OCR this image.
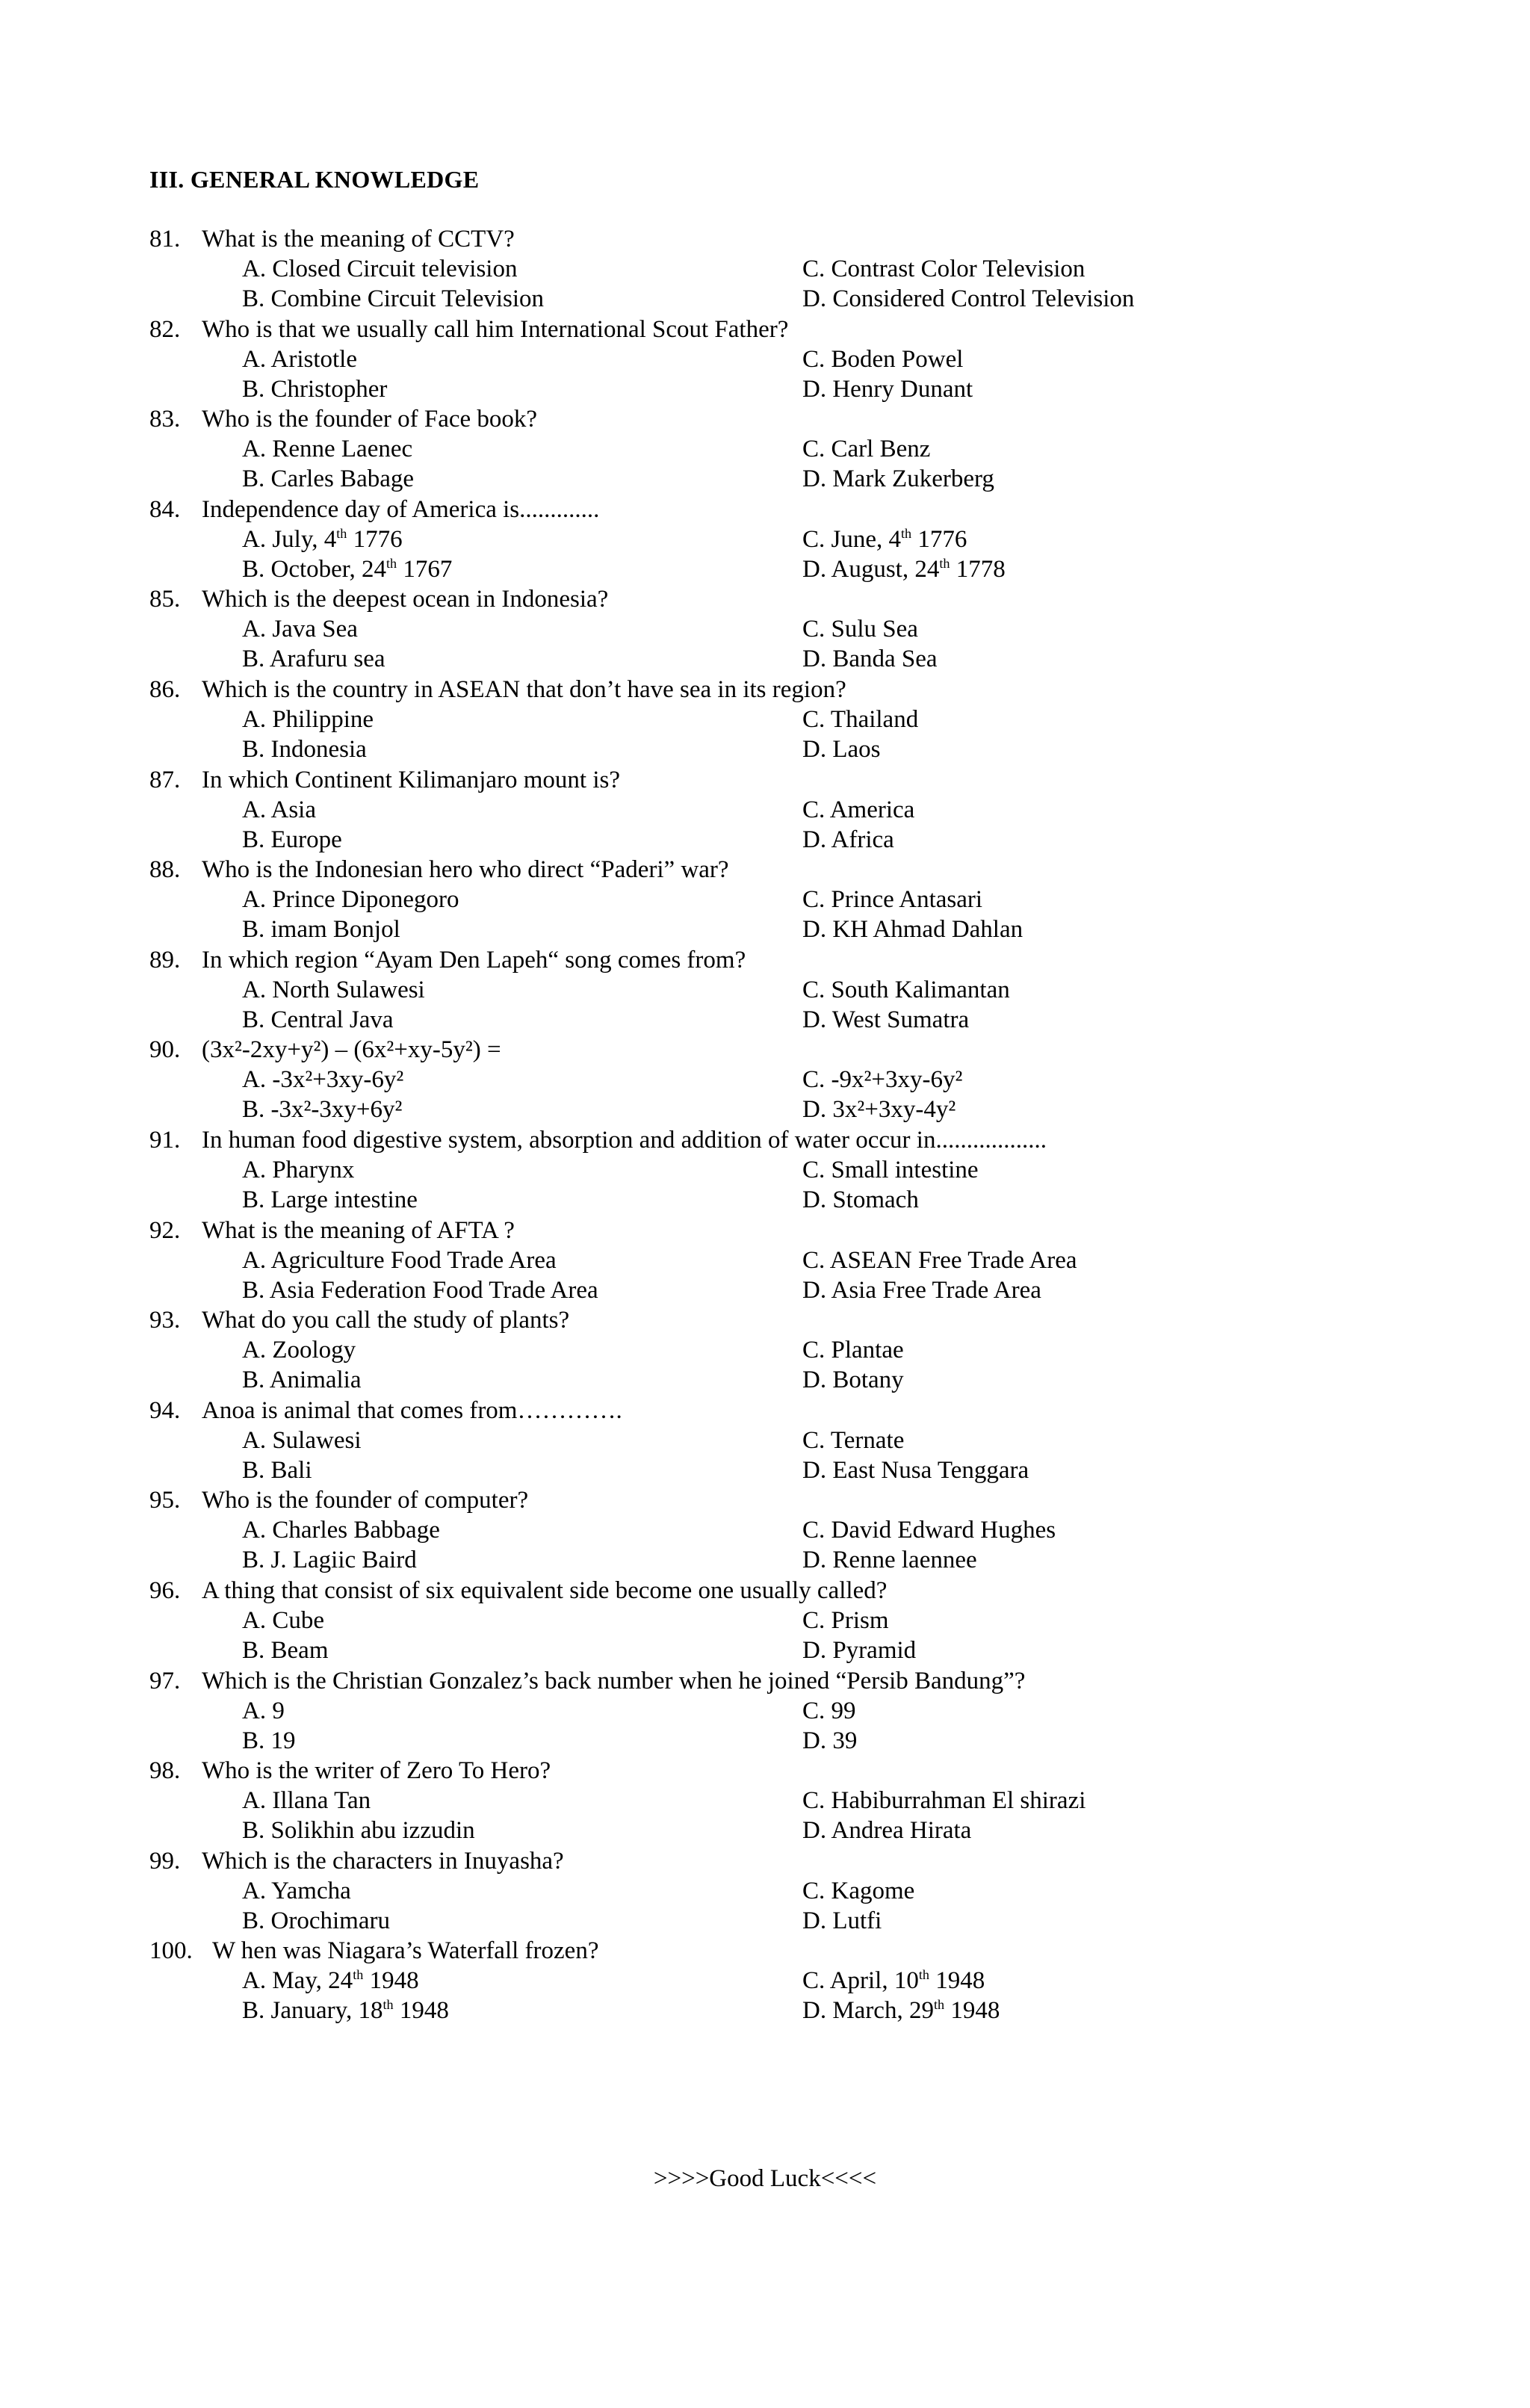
III. GENERAL KNOWLEDGE
81. What is the meaning of CCTV?
A. Closed Circuit television	C. Contrast Color Television
B. Combine Circuit Television	D. Considered Control Television
82. Who is that we usually call him International Scout Father?
A. Aristotle	C. Boden Powel
B. Christopher	D. Henry Dunant
83. Who is the founder of Face book?
A. Renne Laenec	C. Carl Benz
B. Carles Babage	D. Mark Zukerberg
84. Independence day of America is.............
A. July, 4th 1776	C. June, 4th 1776
B. October, 24th 1767	D. August, 24th 1778
85. Which is the deepest ocean in Indonesia?
A. Java Sea	C. Sulu Sea
B. Arafuru sea	D. Banda Sea
86. Which is the country in ASEAN that don’t have sea in its region?
A. Philippine	C. Thailand
B. Indonesia	D. Laos
87. In which Continent Kilimanjaro mount is?
A. Asia	C. America
B. Europe	D. Africa
88. Who is the Indonesian hero who direct “Paderi” war?
A. Prince Diponegoro	C. Prince Antasari
B. imam Bonjol	D. KH Ahmad Dahlan
89. In which region “Ayam Den Lapeh“ song comes from?
A. North Sulawesi	C. South Kalimantan
B. Central Java	D. West Sumatra
90. (3x²-2xy+y²) – (6x²+xy-5y²) =
A. -3x²+3xy-6y²	C. -9x²+3xy-6y²
B. -3x²-3xy+6y²	D. 3x²+3xy-4y²
91. In human food digestive system, absorption and addition of water occur in..................
A. Pharynx	C. Small intestine
B. Large intestine	D. Stomach
92. What is the meaning of AFTA ?
A. Agriculture Food Trade Area	C. ASEAN Free Trade Area
B. Asia Federation Food Trade Area	D. Asia Free Trade Area
93. What do you call the study of plants?
A. Zoology	C. Plantae
B. Animalia	D. Botany
94. Anoa is animal that comes from………….
A. Sulawesi	C. Ternate
B. Bali	D. East Nusa Tenggara
95. Who is the founder of computer?
A. Charles Babbage	C. David Edward Hughes
B. J. Lagiic Baird	D. Renne laennee
96. A thing that consist of six equivalent side become one usually called?
A. Cube	C. Prism
B. Beam	D. Pyramid
97. Which is the Christian Gonzalez’s back number when he joined “Persib Bandung”?
A. 9	C. 99
B. 19	D. 39
98. Who is the writer of Zero To Hero?
A. Illana Tan	C. Habiburrahman El shirazi
B. Solikhin abu izzudin	D. Andrea Hirata
99. Which is the characters in Inuyasha?
A. Yamcha	C. Kagome
B. Orochimaru	D. Lutfi
100. W hen was Niagara’s Waterfall frozen?
A. May, 24th 1948	C. April, 10th 1948
B. January, 18th 1948	D. March, 29th 1948
>>>>Good Luck<<<<
